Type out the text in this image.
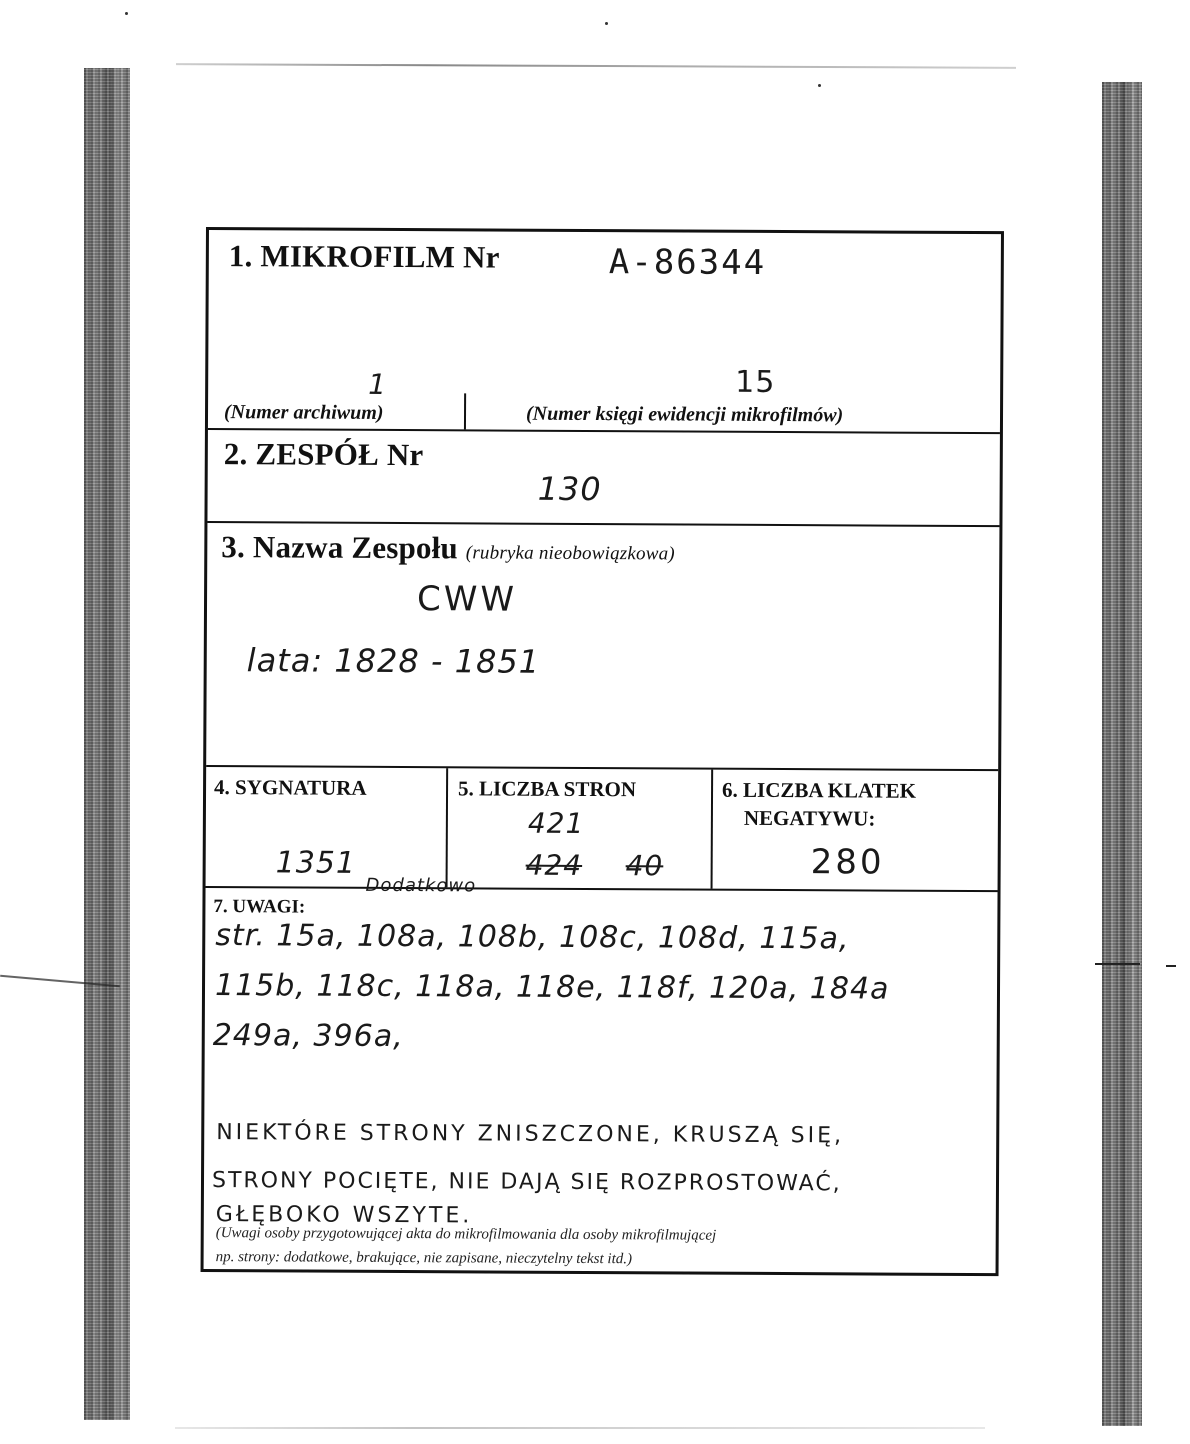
1. MIKROFILM Nr	A-86344
1
(Numer archiwum)
15
(Numer księgi ewidencji mikrofilmów)
2. ZESPÓŁ Nr
130
3. Nazwa Zespołu (rubryka nieobowiązkowa)
CWW
lata: 1828 - 1851
4. SYGNATURA
1351
5. LICZBA STRON
421
424 40
6. LICZBA KLATEK
NEGATYWU:
280
7. UWAGI:
Dodatkowo
str. 15a, 108a, 108b, 108c, 108d, 115a,
115b, 118c, 118a, 118e, 118f, 120a, 184a
249a, 396a,
NIEKTÓRE STRONY ZNISZCZONE, KRUSZĄ SIĘ,
STRONY POCIĘTE, NIE DAJĄ SIĘ ROZPROSTOWAĆ,
GŁĘBOKO WSZYTE.
(Uwagi osoby przygotowującej akta do mikrofilmowania dla osoby mikrofilmującej
np. strony: dodatkowe, brakujące, nie zapisane, nieczytelny tekst itd.)
